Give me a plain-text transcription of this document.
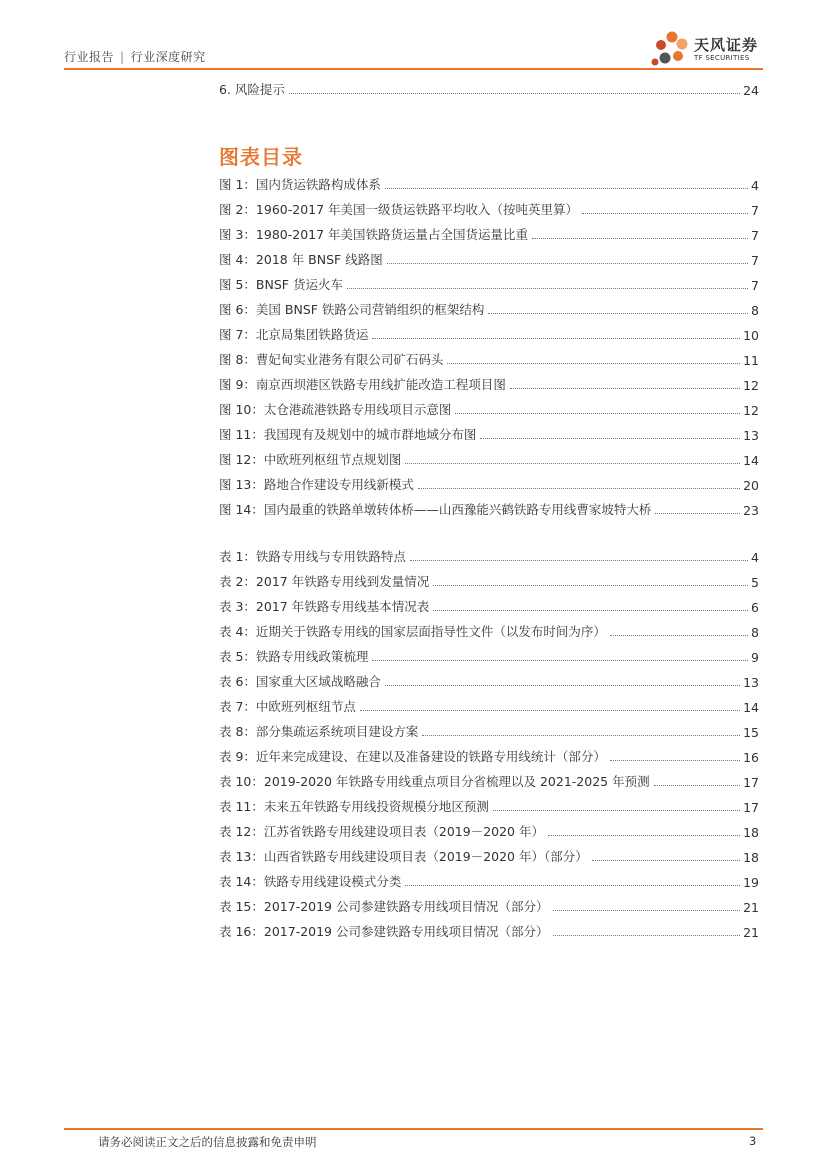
行业报告 | 行业深度研究
天风证券
TF SECURITIES
6. 风险提示	24
图表目录
图 1：国内货运铁路构成体系	4
图 2：1960-2017 年美国一级货运铁路平均收入（按吨英里算）	7
图 3：1980-2017 年美国铁路货运量占全国货运量比重	7
图 4：2018 年 BNSF 线路图	7
图 5：BNSF 货运火车	7
图 6：美国 BNSF 铁路公司营销组织的框架结构	8
图 7：北京局集团铁路货运	10
图 8：曹妃甸实业港务有限公司矿石码头	11
图 9：南京西坝港区铁路专用线扩能改造工程项目图	12
图 10：太仓港疏港铁路专用线项目示意图	12
图 11：我国现有及规划中的城市群地域分布图	13
图 12：中欧班列枢纽节点规划图	14
图 13：路地合作建设专用线新模式	20
图 14：国内最重的铁路单墩转体桥——山西豫能兴鹤铁路专用线曹家坡特大桥	23
表 1：铁路专用线与专用铁路特点	4
表 2：2017 年铁路专用线到发量情况	5
表 3：2017 年铁路专用线基本情况表	6
表 4：近期关于铁路专用线的国家层面指导性文件（以发布时间为序）	8
表 5：铁路专用线政策梳理	9
表 6：国家重大区域战略融合	13
表 7：中欧班列枢纽节点	14
表 8：部分集疏运系统项目建设方案	15
表 9：近年来完成建设、在建以及准备建设的铁路专用线统计（部分）	16
表 10：2019-2020 年铁路专用线重点项目分省梳理以及 2021-2025 年预测	17
表 11：未来五年铁路专用线投资规模分地区预测	17
表 12：江苏省铁路专用线建设项目表（2019－2020 年）	18
表 13：山西省铁路专用线建设项目表（2019－2020 年）（部分）	18
表 14：铁路专用线建设模式分类	19
表 15：2017-2019 公司参建铁路专用线项目情况（部分）	21
表 16：2017-2019 公司参建铁路专用线项目情况（部分）	21
请务必阅读正文之后的信息披露和免责申明	3
